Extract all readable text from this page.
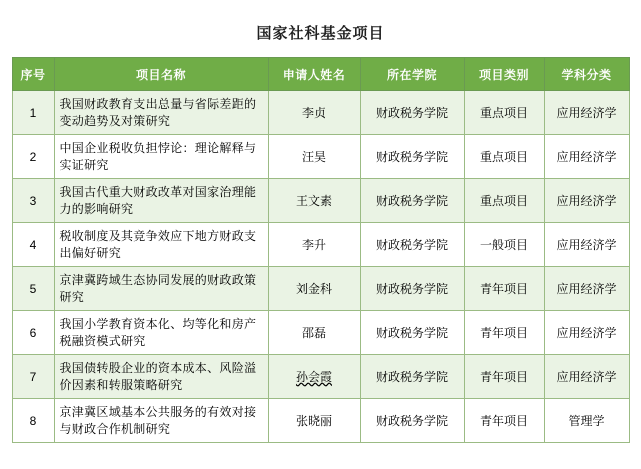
国家社科基金项目
序号	项目名称	申请人姓名	所在学院	项目类别	学科分类
1	我国财政教育支出总量与省际差距的变动趋势及对策研究	李贞	财政税务学院	重点项目	应用经济学
2	中国企业税收负担悖论：理论解释与实证研究	汪昊	财政税务学院	重点项目	应用经济学
3	我国古代重大财政改革对国家治理能力的影响研究	王文素	财政税务学院	重点项目	应用经济学
4	税收制度及其竞争效应下地方财政支出偏好研究	李升	财政税务学院	一般项目	应用经济学
5	京津冀跨域生态协同发展的财政政策研究	刘金科	财政税务学院	青年项目	应用经济学
6	我国小学教育资本化、均等化和房产税融资模式研究	邵磊	财政税务学院	青年项目	应用经济学
7	我国债转股企业的资本成本、风险溢价因素和转服策略研究	孙会霞	财政税务学院	青年项目	应用经济学
8	京津冀区域基本公共服务的有效对接与财政合作机制研究	张晓丽	财政税务学院	青年项目	管理学
